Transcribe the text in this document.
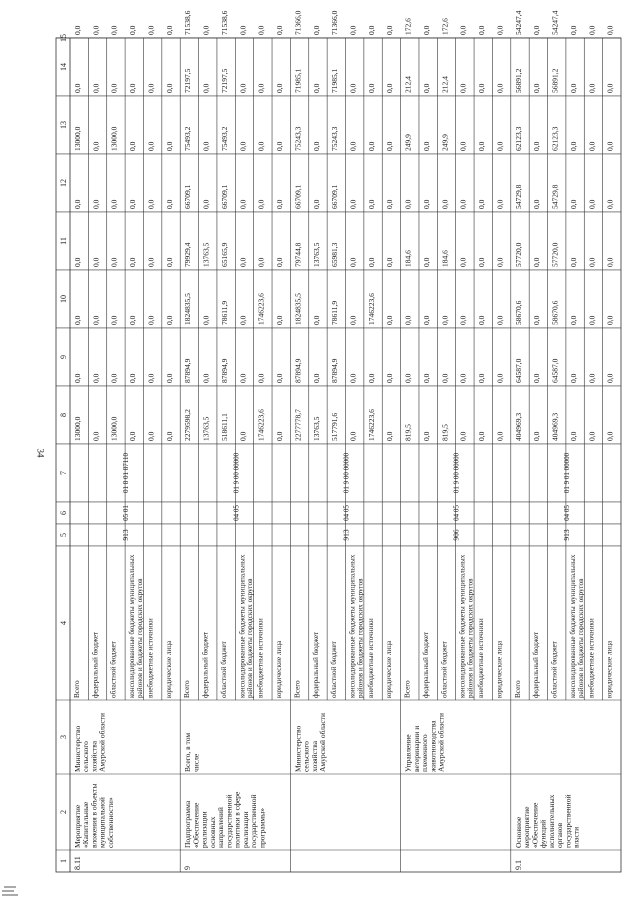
34
1
2
3
4
5
6
7
8
9
10
11
12
13
14
15
8.11
Мероприятие«Капитальныевложения в объектымуниципальнойсобственности»
МинистерствосельскогохозяйстваАмурской области
913
05 01
01 8 01 87110
Всего
13000,0
0,0
0,0
0,0
0,0
13000,0
0,0
0,0
федеральный бюджет
0,0
0,0
0,0
0,0
0,0
0,0
0,0
0,0
областной бюджет
13000,0
0,0
0,0
0,0
0,0
13000,0
0,0
0,0
консолидированные бюджеты муниципальныхрайонов и бюджеты городских округов
0,0
0,0
0,0
0,0
0,0
0,0
0,0
0,0
внебюджетные источники
0,0
0,0
0,0
0,0
0,0
0,0
0,0
0,0
юридические лица
0,0
0,0
0,0
0,0
0,0
0,0
0,0
0,0
9
Подпрограмма«Обеспечениереализацииосновныхнаправленийгосударственнойполитики в сферереализациигосударственнойпрограммы»
Всего, в томчисле
04 05
01 9 00 00000
Всего
2279598,2
87894,9
1824835,5
79929,4
66709,1
75493,2
72197,5
71538,6
федеральный бюджет
13763,5
0,0
0,0
13763,5
0,0
0,0
0,0
0,0
областной бюджет
518611,1
87894,9
78611,9
65165,9
66709,1
75493,2
72197,5
71538,6
консолидированные бюджеты муниципальныхрайонов и бюджеты городских округов
0,0
0,0
0,0
0,0
0,0
0,0
0,0
0,0
внебюджетные источники
1746223,6
0,0
1746223,6
0,0
0,0
0,0
0,0
0,0
юридические лица
0,0
0,0
0,0
0,0
0,0
0,0
0,0
0,0
МинистерствосельскогохозяйстваАмурской области
913
04 05
01 9 00 00000
Всего
2277778,7
87894,9
1824835,5
79744,8
66709,1
75243,3
71985,1
71366,0
федеральный бюджет
13763,5
0,0
0,0
13763,5
0,0
0,0
0,0
0,0
областной бюджет
517791,6
87894,9
78611,9
65981,3
66709,1
75243,3
71985,1
71366,0
консолидированные бюджеты муниципальныхрайонов и бюджеты городских округов
0,0
0,0
0,0
0,0
0,0
0,0
0,0
0,0
внебюджетные источники
1746223,6
0,0
1746223,6
0,0
0,0
0,0
0,0
0,0
юридические лица
0,0
0,0
0,0
0,0
0,0
0,0
0,0
0,0
Управлениеветеринарии иплеменногоживотноводстваАмурской области
906
04 05
01 9 00 00000
Всего
819,5
0,0
0,0
184,6
0,0
249,9
212,4
172,6
федеральный бюджет
0,0
0,0
0,0
0,0
0,0
0,0
0,0
0,0
областной бюджет
819,5
0,0
0,0
184,6
0,0
249,9
212,4
172,6
консолидированные бюджеты муниципальныхрайонов и бюджеты городских округов
0,0
0,0
0,0
0,0
0,0
0,0
0,0
0,0
внебюджетные источники
0,0
0,0
0,0
0,0
0,0
0,0
0,0
0,0
юридические лица
0,0
0,0
0,0
0,0
0,0
0,0
0,0
0,0
9.1
Основноемероприятие«Обеспечениефункцийисполнительныхоргановгосударственнойвласти
913
04 05
01 9 01 00000
Всего
404969,3
64587,0
58670,6
57720,0
54729,8
62123,3
56891,2
54247,4
федеральный бюджет
0,0
0,0
0,0
0,0
0,0
0,0
0,0
0,0
областной бюджет
404969,3
64587,0
58670,6
57720,0
54729,8
62123,3
56891,2
54247,4
консолидированные бюджеты муниципальныхрайонов и бюджеты городских округов
0,0
0,0
0,0
0,0
0,0
0,0
0,0
0,0
внебюджетные источники
0,0
0,0
0,0
0,0
0,0
0,0
0,0
0,0
юридические лица
0,0
0,0
0,0
0,0
0,0
0,0
0,0
0,0
